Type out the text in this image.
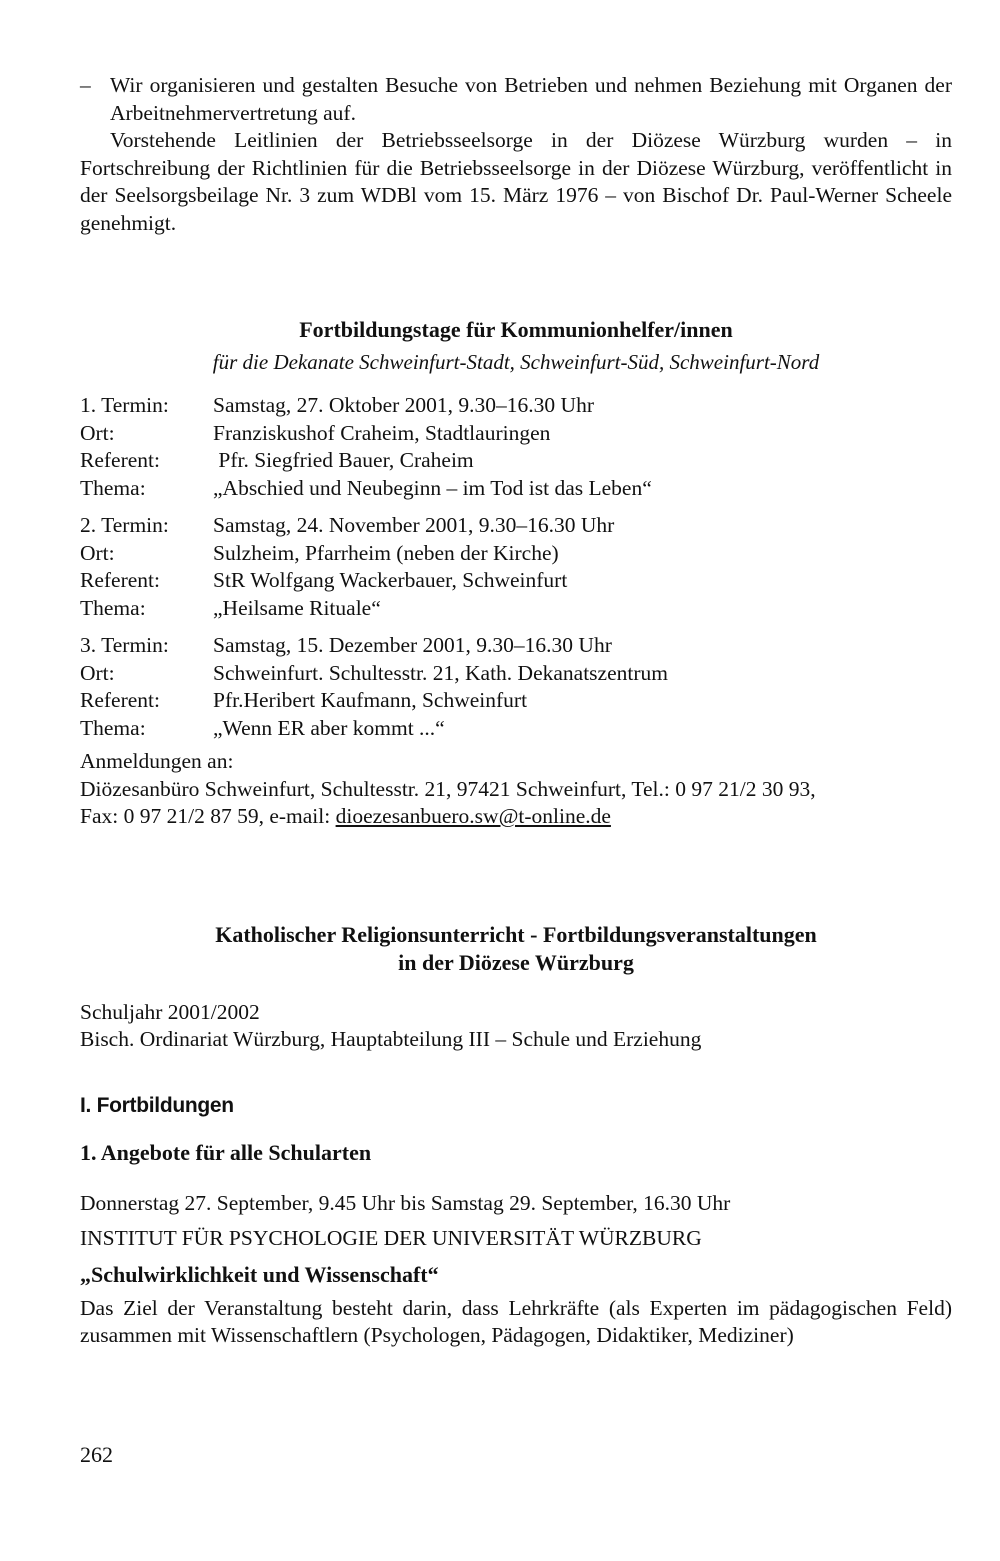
– Wir organisieren und gestalten Besuche von Betrieben und nehmen Beziehung mit Organen der Arbeitnehmervertretung auf.

Vorstehende Leitlinien der Betriebsseelsorge in der Diözese Würzburg wurden – in Fortschreibung der Richtlinien für die Betriebsseelsorge in der Diözese Würzburg, veröffentlicht in der Seelsorgsbeilage Nr. 3 zum WDBl vom 15. März 1976 – von Bischof Dr. Paul-Werner Scheele genehmigt.

Fortbildungstage für Kommunionhelfer/innen

für die Dekanate Schweinfurt-Stadt, Schweinfurt-Süd, Schweinfurt-Nord

1. Termin:	Samstag, 27. Oktober 2001, 9.30–16.30 Uhr
Ort:	Franziskushof Craheim, Stadtlauringen
Referent:	Pfr. Siegfried Bauer, Craheim
Thema:	„Abschied und Neubeginn – im Tod ist das Leben“
2. Termin:	Samstag, 24. November 2001, 9.30–16.30 Uhr
Ort:	Sulzheim, Pfarrheim (neben der Kirche)
Referent:	StR Wolfgang Wackerbauer, Schweinfurt
Thema:	„Heilsame Rituale“
3. Termin:	Samstag, 15. Dezember 2001, 9.30–16.30 Uhr
Ort:	Schweinfurt. Schultesstr. 21, Kath. Dekanatszentrum
Referent:	Pfr.Heribert Kaufmann, Schweinfurt
Thema:	„Wenn ER aber kommt ...“

Anmeldungen an:

Diözesanbüro Schweinfurt, Schultesstr. 21, 97421 Schweinfurt, Tel.: 0 97 21/2 30 93,

Fax: 0 97 21/2 87 59, e-mail: dioezesanbuero.sw@t-online.de

Katholischer Religionsunterricht - Fortbildungsveranstaltungen

in der Diözese Würzburg

Schuljahr 2001/2002

Bisch. Ordinariat Würzburg, Hauptabteilung III – Schule und Erziehung

I. Fortbildungen

1. Angebote für alle Schularten

Donnerstag 27. September, 9.45 Uhr bis Samstag 29. September, 16.30 Uhr

INSTITUT FÜR PSYCHOLOGIE DER UNIVERSITÄT WÜRZBURG

„Schulwirklichkeit und Wissenschaft“

Das Ziel der Veranstaltung besteht darin, dass Lehrkräfte (als Experten im pädagogischen Feld) zusammen mit Wissenschaftlern (Psychologen, Pädagogen, Didaktiker, Mediziner)

262
